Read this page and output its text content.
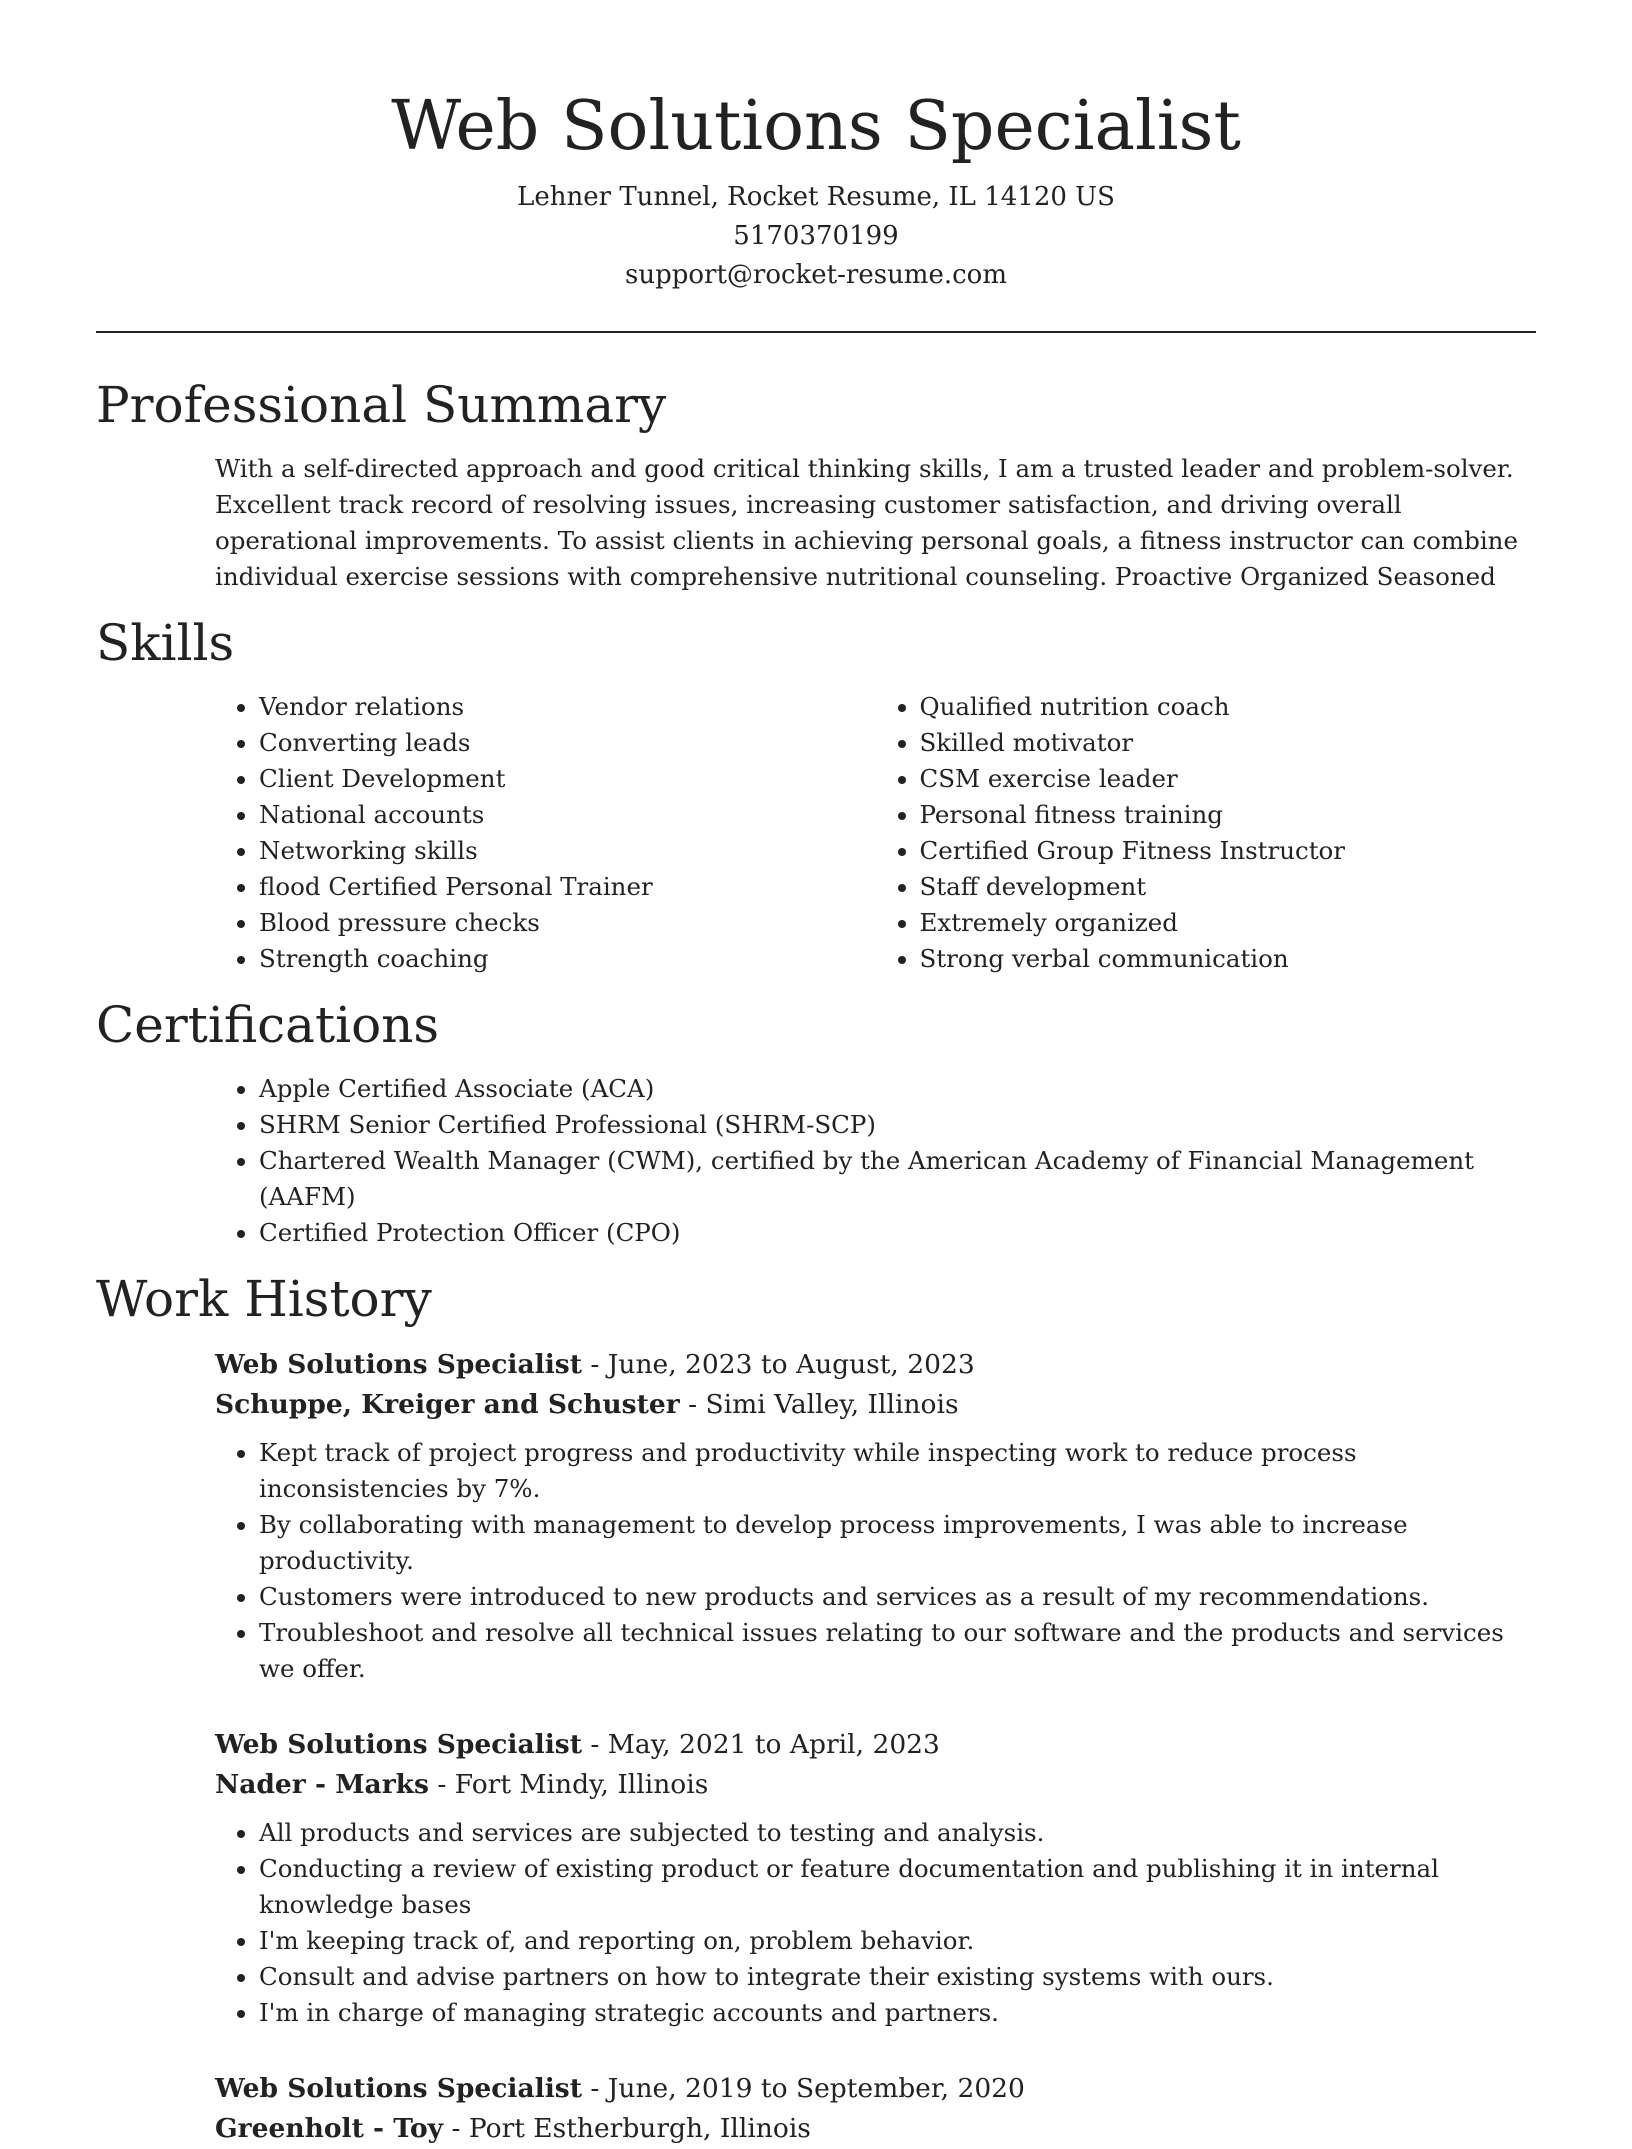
Web Solutions Specialist
Lehner Tunnel, Rocket Resume, IL 14120 US
5170370199
support@rocket-resume.com
Professional Summary

With a self-directed approach and good critical thinking skills, I am a trusted leader and problem-solver. Excellent track record of resolving issues, increasing customer satisfaction, and driving overall operational improvements. To assist clients in achieving personal goals, a fitness instructor can combine individual exercise sessions with comprehensive nutritional counseling. Proactive Organized Seasoned

Skills
• Vendor relations
• Converting leads
• Client Development
• National accounts
• Networking skills
• flood Certified Personal Trainer
• Blood pressure checks
• Strength coaching
• Qualified nutrition coach
• Skilled motivator
• CSM exercise leader
• Personal fitness training
• Certified Group Fitness Instructor
• Staff development
• Extremely organized
• Strong verbal communication
Certifications
• Apple Certified Associate (ACA)
• SHRM Senior Certified Professional (SHRM-SCP)
• Chartered Wealth Manager (CWM), certified by the American Academy of Financial Management (AAFM)
• Certified Protection Officer (CPO)
Work History
Web Solutions Specialist - June, 2023 to August, 2023
Schuppe, Kreiger and Schuster - Simi Valley, Illinois
• Kept track of project progress and productivity while inspecting work to reduce process inconsistencies by 7%.
• By collaborating with management to develop process improvements, I was able to increase productivity.
• Customers were introduced to new products and services as a result of my recommendations.
• Troubleshoot and resolve all technical issues relating to our software and the products and services we offer.
Web Solutions Specialist - May, 2021 to April, 2023
Nader - Marks - Fort Mindy, Illinois
• All products and services are subjected to testing and analysis.
• Conducting a review of existing product or feature documentation and publishing it in internal knowledge bases
• I'm keeping track of, and reporting on, problem behavior.
• Consult and advise partners on how to integrate their existing systems with ours.
• I'm in charge of managing strategic accounts and partners.
Web Solutions Specialist - June, 2019 to September, 2020
Greenholt - Toy - Port Estherburgh, Illinois
